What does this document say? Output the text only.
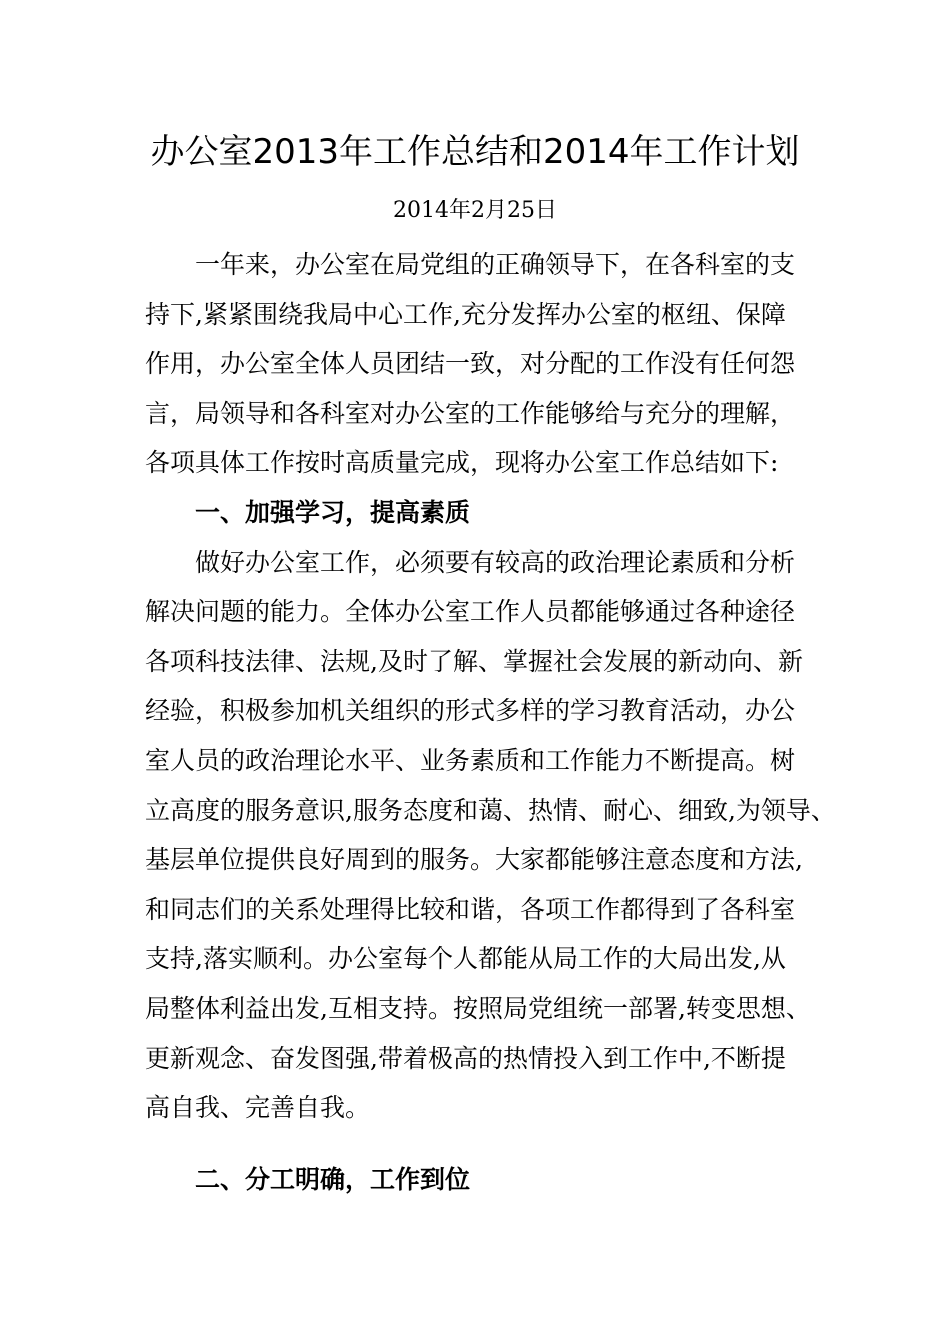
办公室2013年工作总结和2014年工作计划
2014年2月25日
一年来，办公室在局党组的正确领导下，在各科室的支
持下,紧紧围绕我局中心工作,充分发挥办公室的枢纽、保障
作用，办公室全体人员团结一致，对分配的工作没有任何怨
言，局领导和各科室对办公室的工作能够给与充分的理解，
各项具体工作按时高质量完成，现将办公室工作总结如下:
一、加强学习，提高素质
做好办公室工作，必须要有较高的政治理论素质和分析
解决问题的能力。全体办公室工作人员都能够通过各种途径
各项科技法律、法规,及时了解、掌握社会发展的新动向、新
经验，积极参加机关组织的形式多样的学习教育活动，办公
室人员的政治理论水平、业务素质和工作能力不断提高。树
立高度的服务意识,服务态度和蔼、热情、耐心、细致,为领导、
基层单位提供良好周到的服务。大家都能够注意态度和方法,
和同志们的关系处理得比较和谐，各项工作都得到了各科室
支持,落实顺利。办公室每个人都能从局工作的大局出发,从
局整体利益出发,互相支持。按照局党组统一部署,转变思想、
更新观念、奋发图强,带着极高的热情投入到工作中,不断提
高自我、完善自我。
二、分工明确，工作到位
